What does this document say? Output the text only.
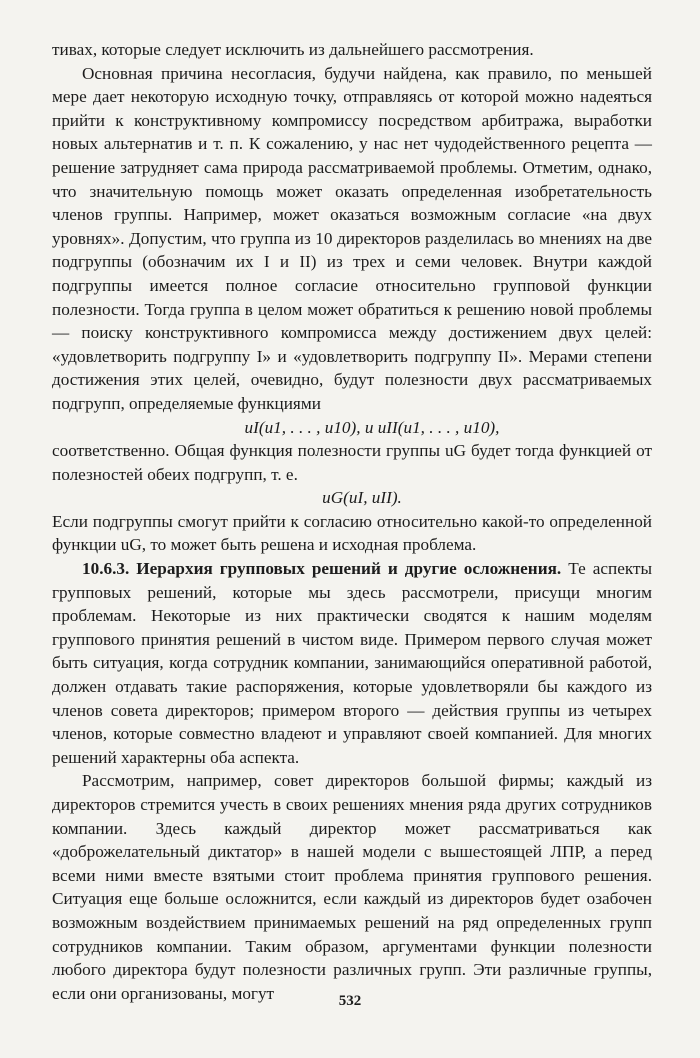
тивах, которые следует исключить из дальнейшего рассмотрения.

Основная причина несогласия, будучи найдена, как правило, по меньшей мере дает некоторую исходную точку, отправляясь от которой можно надеяться прийти к конструктивному компромиссу посредством арбитража, выработки новых альтернатив и т. п. К сожалению, у нас нет чудодейственного рецепта — решение затрудняет сама природа рассматриваемой проблемы. Отметим, однако, что значительную помощь может оказать определенная изобретательность членов группы. Например, может оказаться возможным согласие «на двух уровнях». Допустим, что группа из 10 директоров разделилась во мнениях на две подгруппы (обозначим их I и II) из трех и семи человек. Внутри каждой подгруппы имеется полное согласие относительно групповой функции полезности. Тогда группа в целом может обратиться к решению новой проблемы — поиску конструктивного компромисса между достижением двух целей: «удовлетворить подгруппу I» и «удовлетворить подгруппу II». Мерами степени достижения этих целей, очевидно, будут полезности двух рассматриваемых подгрупп, определяемые функциями

uI(u1, . . . , u10), и uII(u1, . . . , u10),

соответственно. Общая функция полезности группы uG будет тогда функцией от полезностей обеих подгрупп, т. е.

uG(uI, uII).

Если подгруппы смогут прийти к согласию относительно какой-то определенной функции uG, то может быть решена и исходная проблема.

10.6.3. Иерархия групповых решений и другие осложнения. Те аспекты групповых решений, которые мы здесь рассмотрели, присущи многим проблемам. Некоторые из них практически сводятся к нашим моделям группового принятия решений в чистом виде. Примером первого случая может быть ситуация, когда сотрудник компании, занимающийся оперативной работой, должен отдавать такие распоряжения, которые удовлетворяли бы каждого из членов совета директоров; примером второго — действия группы из четырех членов, которые совместно владеют и управляют своей компанией. Для многих решений характерны оба аспекта.

Рассмотрим, например, совет директоров большой фирмы; каждый из директоров стремится учесть в своих решениях мнения ряда других сотрудников компании. Здесь каждый директор может рассматриваться как «доброжелательный диктатор» в нашей модели с вышестоящей ЛПР, а перед всеми ними вместе взятыми стоит проблема принятия группового решения. Ситуация еще больше осложнится, если каждый из директоров будет озабочен возможным воздействием принимаемых решений на ряд определенных групп сотрудников компании. Таким образом, аргументами функции полезности любого директора будут полезности различных групп. Эти различные группы, если они организованы, могут	532
